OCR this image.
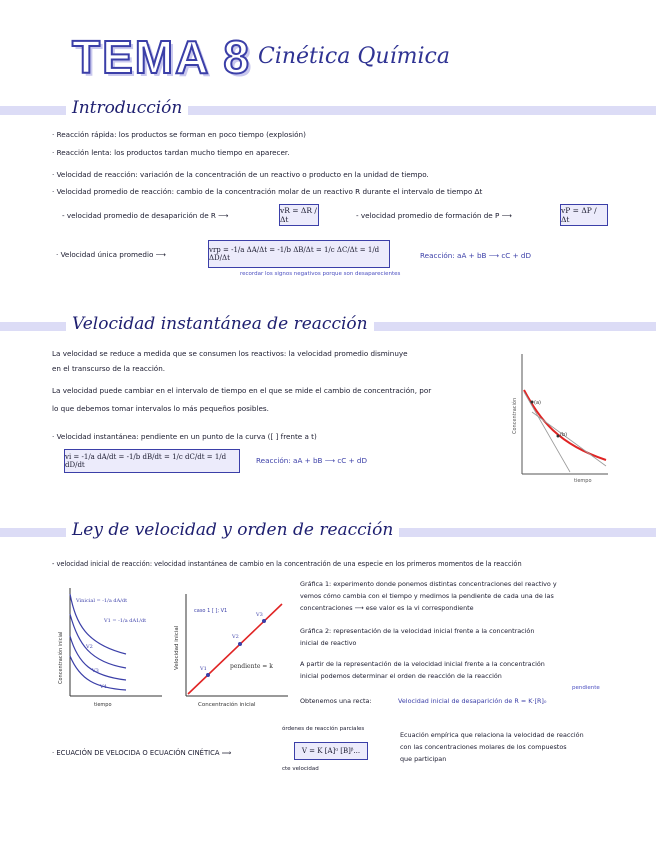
TEMA 8 Cinética Química
Introducción
· Reacción rápida: los productos se forman en poco tiempo (explosión)
· Reacción lenta: los productos tardan mucho tiempo en aparecer.
· Velocidad de reacción: variación de la concentración de un reactivo o producto en la unidad de tiempo.
· Velocidad promedio de reacción: cambio de la concentración molar de un reactivo R durante el intervalo de tiempo Δt
- velocidad promedio de desaparición de R ⟶
vR = ΔR / Δt	- velocidad promedio de formación de P ⟶
vP = ΔP / Δt
· Velocidad única promedio ⟶	vrp = -1/a ΔA/Δt = -1/b ΔB/Δt = 1/c ΔC/Δt = 1/d ΔD/Δt
recordar los signos negativos porque son desaparecientes
Reacción: aA + bB ⟶ cC + dD
Velocidad instantánea de reacción
La velocidad se reduce a medida que se consumen los reactivos: la velocidad promedio disminuye
en el transcurso de la reacción.
La velocidad puede cambiar en el intervalo de tiempo en el que se mide el cambio de concentración, por
lo que debemos tomar intervalos lo más pequeños posibles.
· Velocidad instantánea: pendiente en un punto de la curva ([ ] frente a t)
vi = -1/a dA/dt = -1/b dB/dt = 1/c dC/dt = 1/d dD/dt	Reacción: aA + bB ⟶ cC + dD
(a)
(b)
Concentración
tiempo
Ley de velocidad y orden de reacción
- velocidad inicial de reacción: velocidad instantánea de cambio en la concentración de una especie en los primeros momentos de la reacción
Concentración inicial
tiempo
Vinicial = -1/a dA/dt
V1 = -1/a dA1/dt
V2
V3
V4
Velocidad inicial
Concentración inicial
caso 1 [ ]; V1
V1
V2
V3
pendiente = k
Gráfica 1: experimento donde ponemos distintas concentraciones del reactivo y
vemos cómo cambia con el tiempo y medimos la pendiente de cada una de las
concentraciones ⟶ ese valor es la vi correspondiente
Gráfica 2: representación de la velocidad inicial frente a la concentración
inicial de reactivo
A partir de la representación de la velocidad inicial frente a la concentración
inicial podemos determinar el orden de reacción de la reacción
Obtenemos una recta:	Velocidad inicial de desaparición de R = K·[R]₀
pendiente
órdenes de reacción parciales
· ECUACIÓN DE VELOCIDA O ECUACIÓN CINÉTICA ⟹	V = K [A]ᵅ [B]ᵝ...
cte velocidad
Ecuación empírica que relaciona la velocidad de reacción
con las concentraciones molares de los compuestos
que participan
